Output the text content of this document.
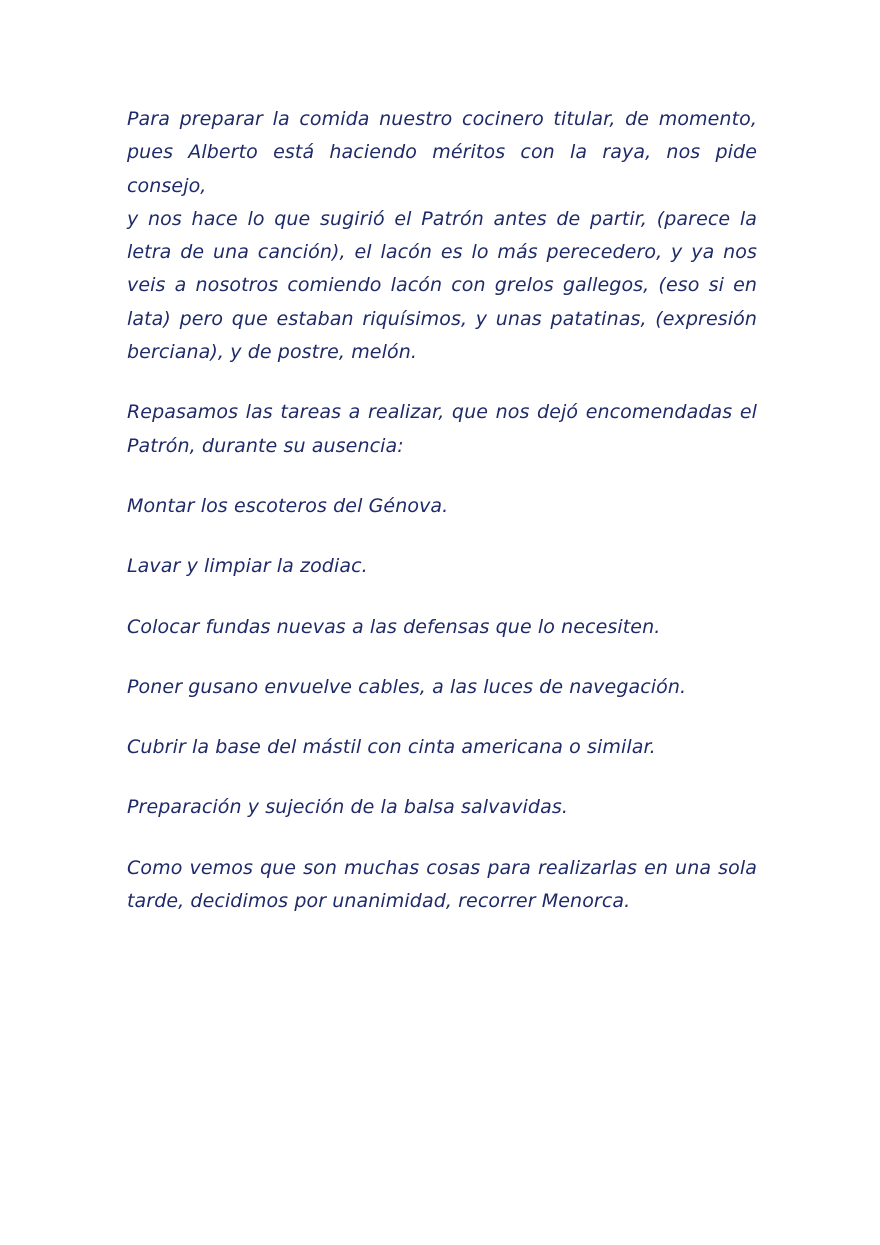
Para preparar la comida nuestro cocinero titular, de momento,
pues Alberto está haciendo méritos con la raya, nos pide consejo,
y nos hace lo que sugirió el Patrón antes de partir, (parece la
letra de una canción), el lacón es lo más perecedero, y ya nos
veis a nosotros comiendo lacón con grelos gallegos, (eso si en
lata) pero que estaban riquísimos, y unas patatinas, (expresión
berciana), y de postre, melón.

Repasamos las tareas a realizar, que nos dejó encomendadas el
Patrón, durante su ausencia:

Montar los escoteros del Génova.

Lavar y limpiar la zodiac.

Colocar fundas nuevas a las defensas que lo necesiten.

Poner gusano envuelve cables, a las luces de navegación.

Cubrir la base del mástil con cinta americana o similar.

Preparación y sujeción de la balsa salvavidas.

Como vemos que son muchas cosas para realizarlas en una sola
tarde, decidimos por unanimidad, recorrer Menorca.
